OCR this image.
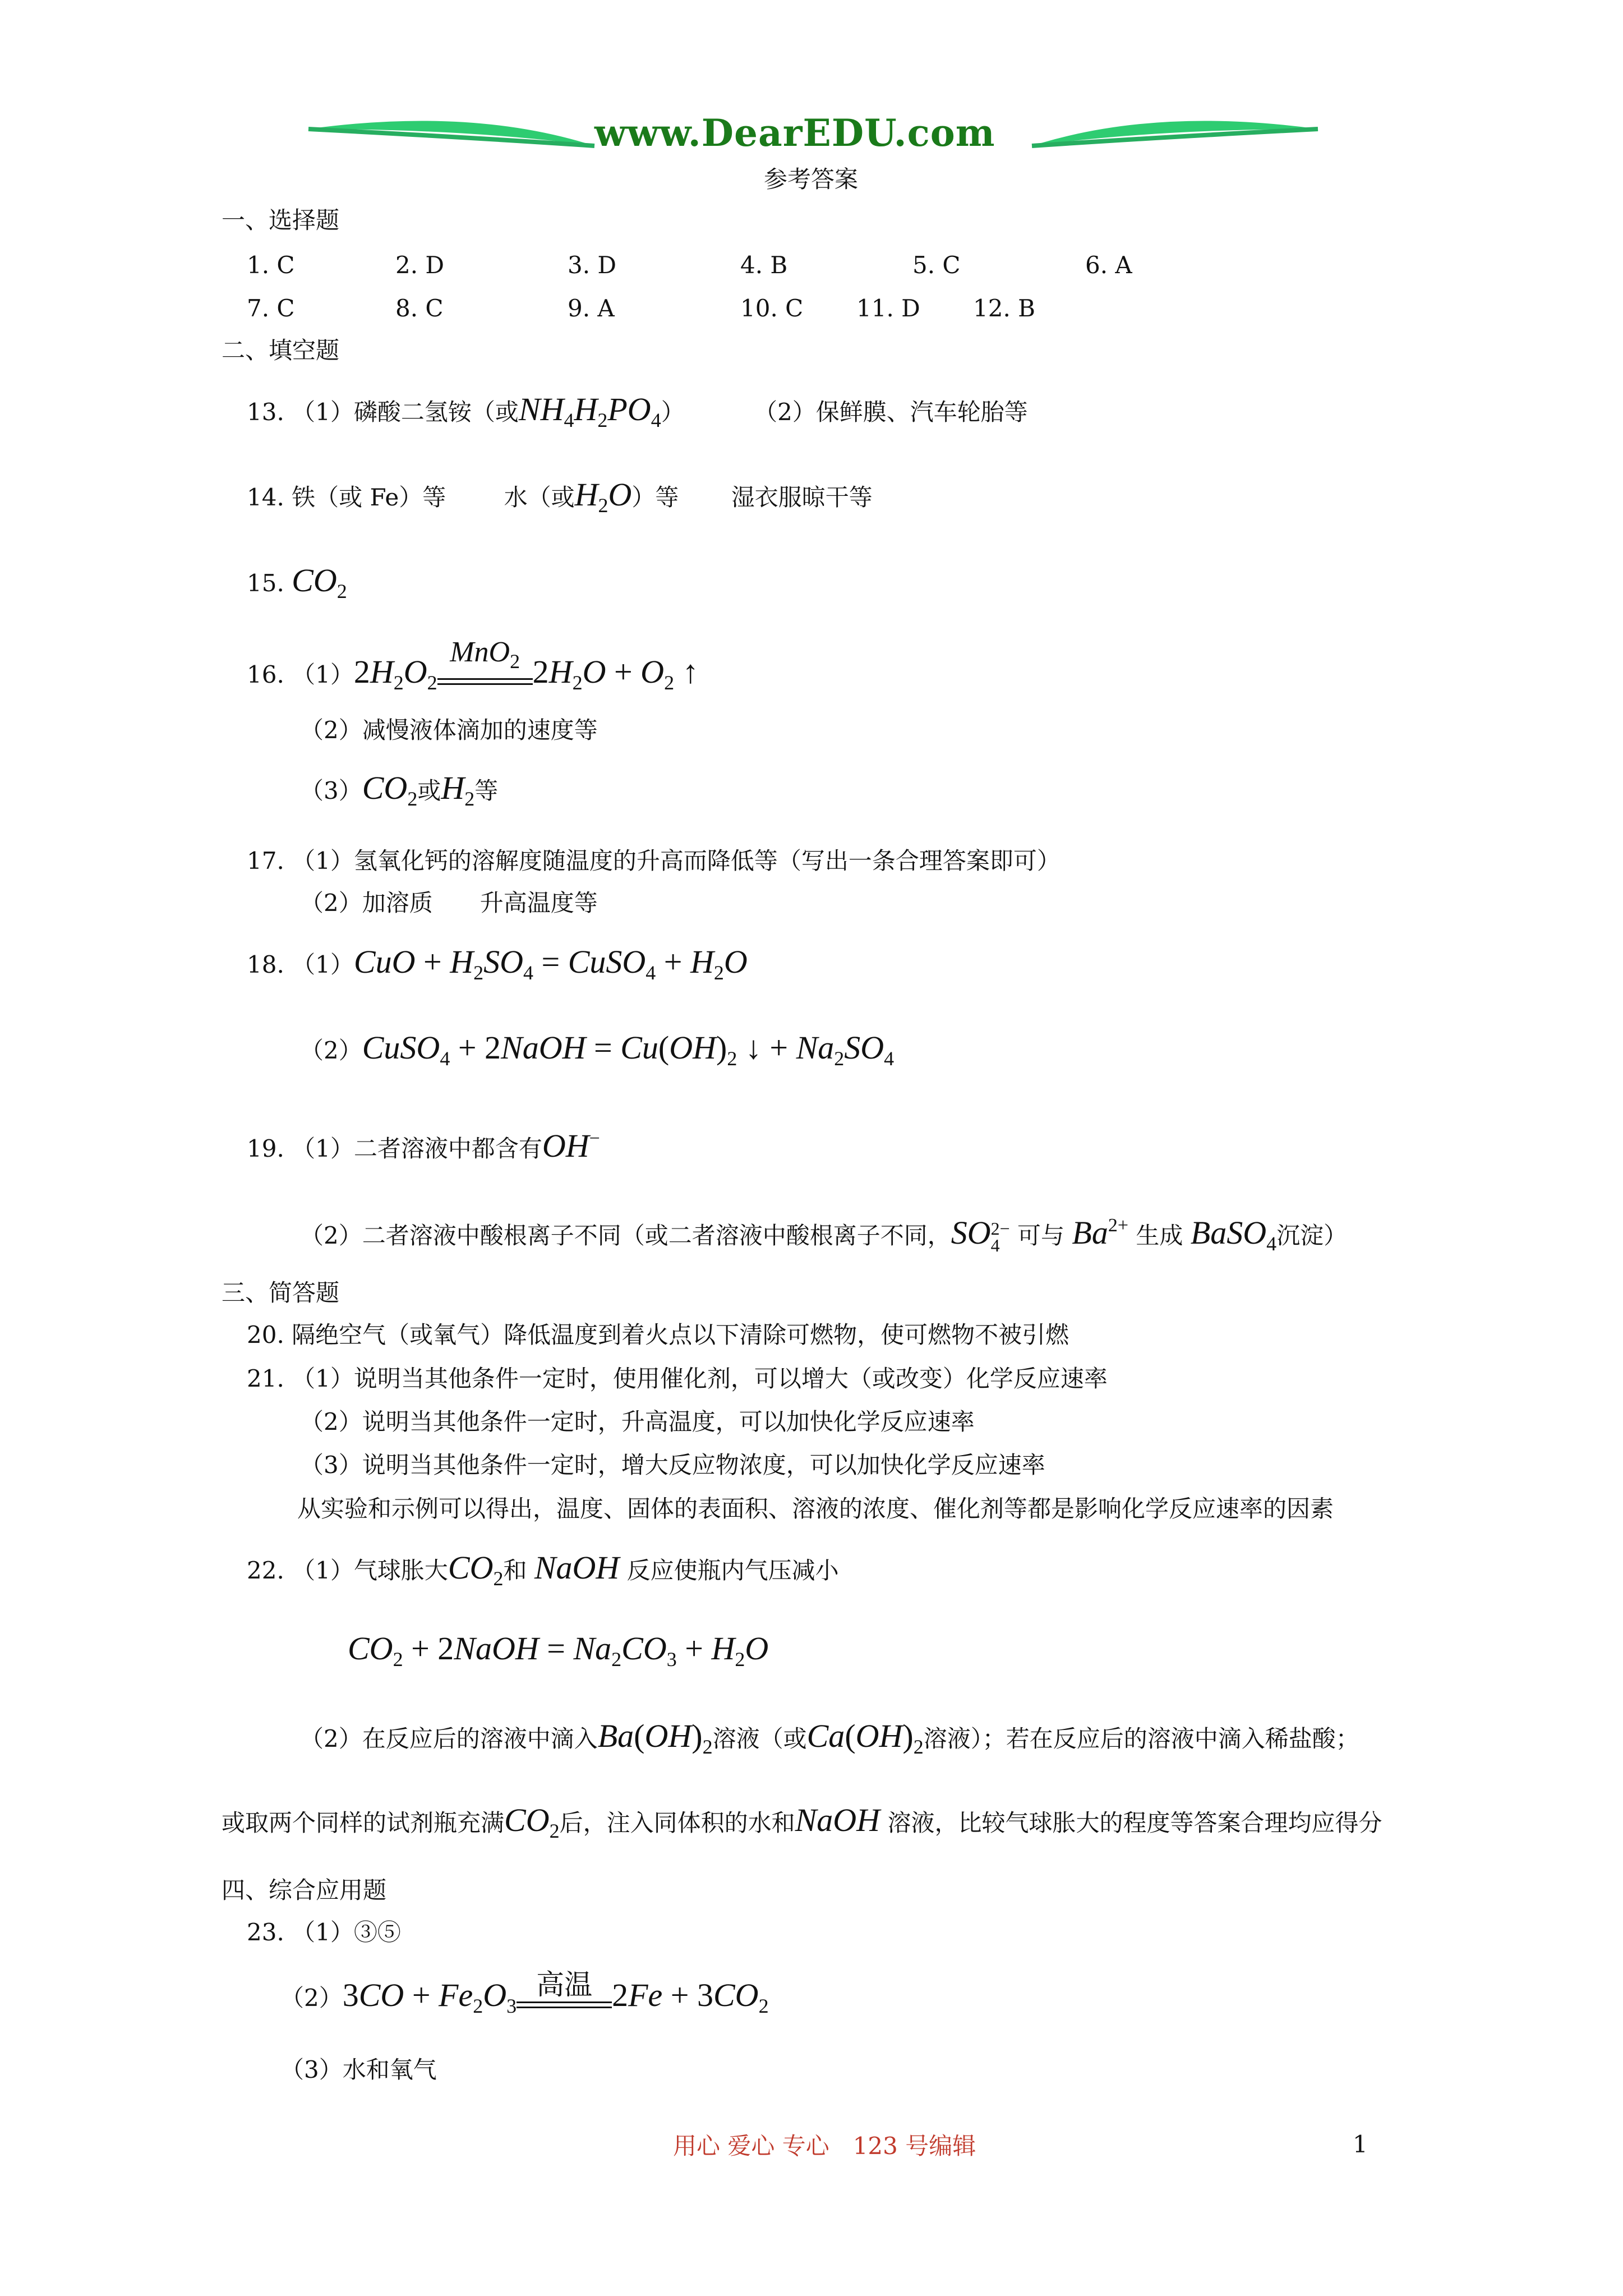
www.DearEDU.com
参考答案
一、选择题
1. C	2. D	3. D	4. B	5. C	6. A
7. C	8. C	9. A	10. C 11. D 12. B
二、填空题
13. （1）磷酸二氢铵（或$NH_4H_2PO_4$）	（2）保鲜膜、汽车轮胎等
14. 铁（或 Fe）等 水（或$H_2O$）等 湿衣服晾干等
15. $CO_2$
16. $(1)2H_2O_2$
MnO$_2$ $2H_2O + O_2$ ↑
（2）减慢液体滴加的速度等
$(3)CO_2$或$H_2$等
17. （1）氢氧化钙的溶解度随温度的升高而降低等（写出一条合理答案即可）
（2）加溶质　　升高温度等
18. $(1)CuO + H_2SO_4$ = CuSO$_4$ + $H_2O$
（2）CuSO$_4$ + 2NaOH = $Cu(OH)_2$ ↓ + $Na_2SO_4$
19. （1）二者溶液中都含有OH−
（2）二者溶液中酸根离子不同（或二者溶液中酸根离子不同，SO 2−
4 可与 $Ba^{2+}$ 生成 BaSO$_4$沉淀）
三、简答题
20. 隔绝空气（或氧气）降低温度到着火点以下清除可燃物，使可燃物不被引燃
21. （1）说明当其他条件一定时，使用催化剂，可以增大（或改变）化学反应速率
（2）说明当其他条件一定时，升高温度，可以加快化学反应速率
（3）说明当其他条件一定时，增大反应物浓度，可以加快化学反应速率
从实验和示例可以得出，温度、固体的表面积、溶液的浓度、催化剂等都是影响化学反应速率的因素
22. （1）气球胀大$CO_2$和 NaOH 反应使瓶内气压减小
$CO_2$ + 2NaOH = $Na_2CO_3 + H_2O$
（2）在反应后的溶液中滴入$Ba(OH)_2$溶液（或$Ca(OH)_2$溶液）；若在反应后的溶液中滴入稀盐酸；
或取两个同样的试剂瓶充满$CO_2$后，注入同体积的水和NaOH 溶液，比较气球胀大的程度等答案合理均应得分
四、综合应用题
23. （1）③⑤
$(2)3CO + Fe_2O_3$
高温 $2Fe + 3CO_2$
（3）水和氧气
用心 爱心 专心　123 号编辑	1
